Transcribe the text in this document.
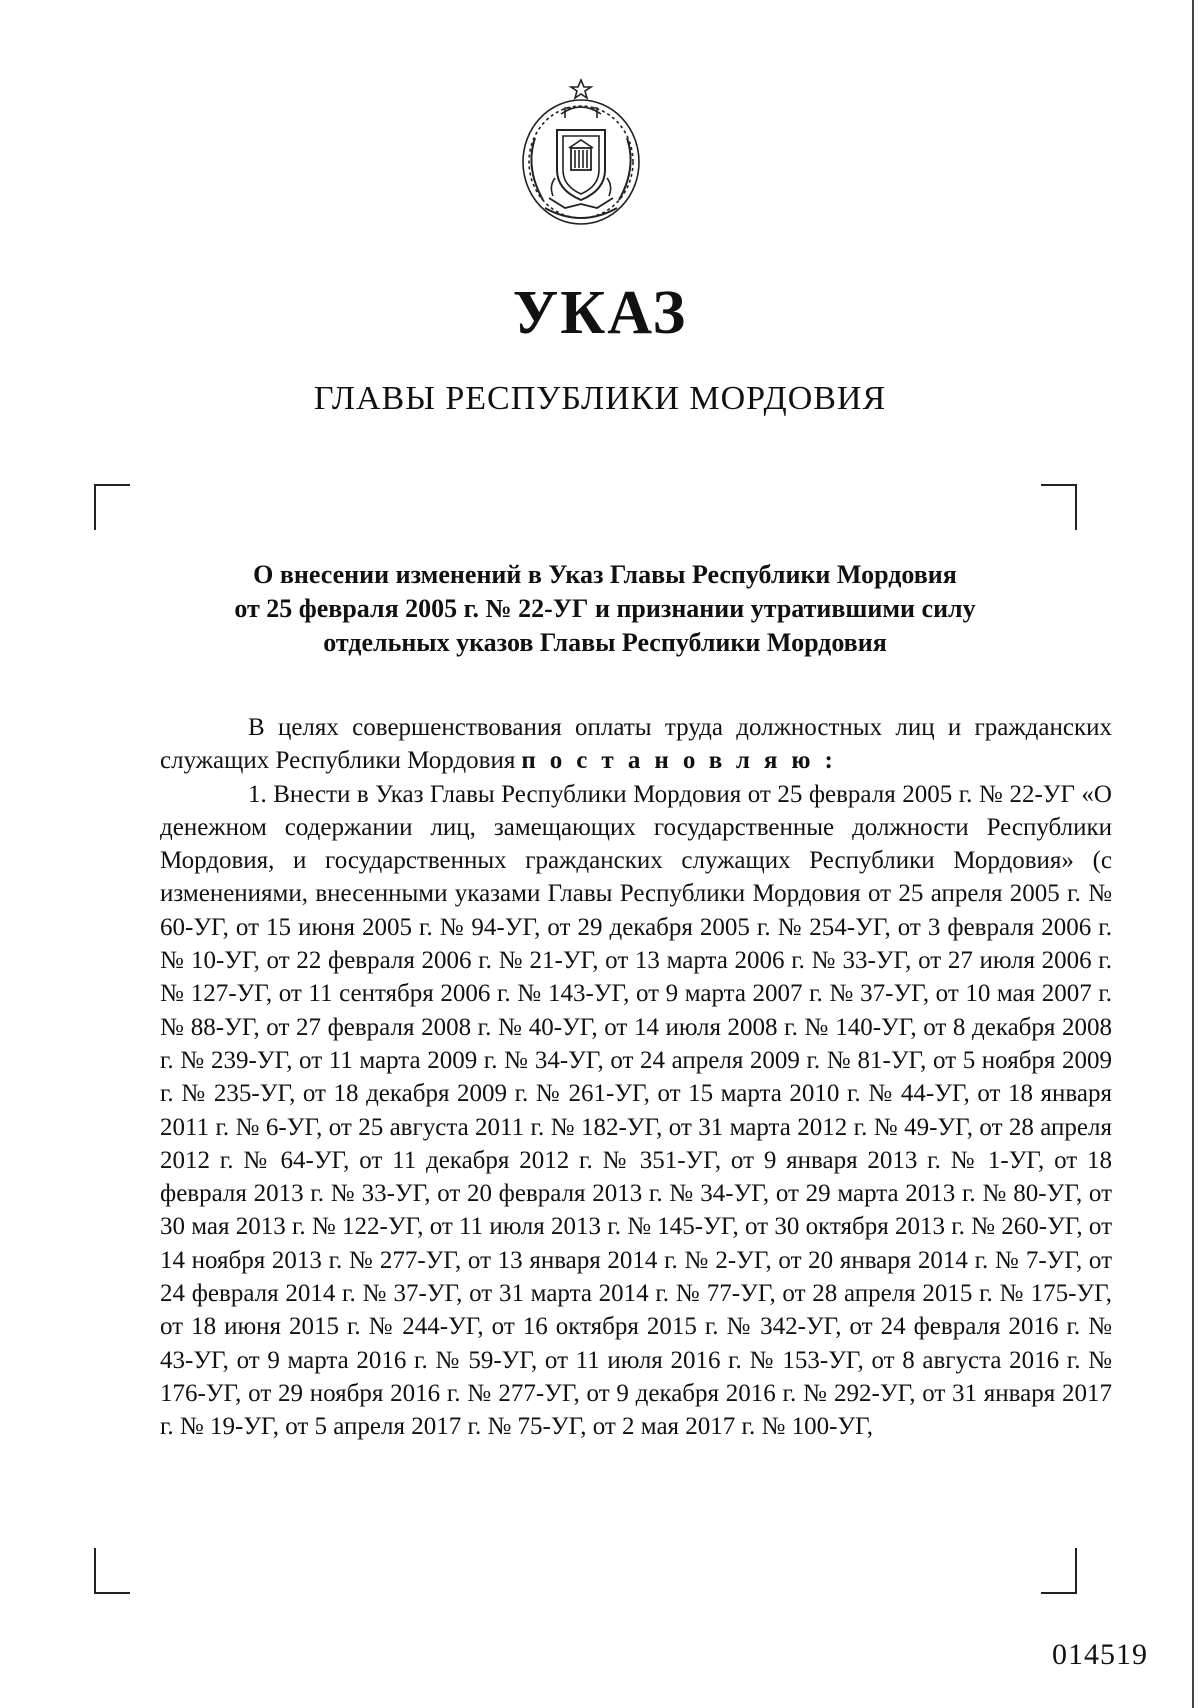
УКАЗ
ГЛАВЫ РЕСПУБЛИКИ МОРДОВИЯ
О внесении изменений в Указ Главы Республики Мордовия
от 25 февраля 2005 г. № 22-УГ и признании утратившими силу
отдельных указов Главы Республики Мордовия

В целях совершенствования оплаты труда должностных лиц и гражданских служащих Республики Мордовия постановляю:

1. Внести в Указ Главы Республики Мордовия от 25 февраля 2005 г. № 22-УГ «О денежном содержании лиц, замещающих государственные должности Республики Мордовия, и государственных гражданских служащих Республики Мордовия» (с изменениями, внесенными указами Главы Республики Мордовия от 25 апреля 2005 г. № 60-УГ, от 15 июня 2005 г. № 94-УГ, от 29 декабря 2005 г. № 254-УГ, от 3 февраля 2006 г. № 10-УГ, от 22 февраля 2006 г. № 21-УГ, от 13 марта 2006 г. № 33-УГ, от 27 июля 2006 г. № 127-УГ, от 11 сентября 2006 г. № 143-УГ, от 9 марта 2007 г. № 37-УГ, от 10 мая 2007 г. № 88-УГ, от 27 февраля 2008 г. № 40-УГ, от 14 июля 2008 г. № 140-УГ, от 8 декабря 2008 г. № 239-УГ, от 11 марта 2009 г. № 34-УГ, от 24 апреля 2009 г. № 81-УГ, от 5 ноября 2009 г. № 235-УГ, от 18 декабря 2009 г. № 261-УГ, от 15 марта 2010 г. № 44-УГ, от 18 января 2011 г. № 6-УГ, от 25 августа 2011 г. № 182-УГ, от 31 марта 2012 г. № 49-УГ, от 28 апреля 2012 г. № 64-УГ, от 11 декабря 2012 г. № 351-УГ, от 9 января 2013 г. № 1-УГ, от 18 февраля 2013 г. № 33-УГ, от 20 февраля 2013 г. № 34-УГ, от 29 марта 2013 г. № 80-УГ, от 30 мая 2013 г. № 122-УГ, от 11 июля 2013 г. № 145-УГ, от 30 октября 2013 г. № 260-УГ, от 14 ноября 2013 г. № 277-УГ, от 13 января 2014 г. № 2-УГ, от 20 января 2014 г. № 7-УГ, от 24 февраля 2014 г. № 37-УГ, от 31 марта 2014 г. № 77-УГ, от 28 апреля 2015 г. № 175-УГ, от 18 июня 2015 г. № 244-УГ, от 16 октября 2015 г. № 342-УГ, от 24 февраля 2016 г. № 43-УГ, от 9 марта 2016 г. № 59-УГ, от 11 июля 2016 г. № 153-УГ, от 8 августа 2016 г. № 176-УГ, от 29 ноября 2016 г. № 277-УГ, от 9 декабря 2016 г. № 292-УГ, от 31 января 2017 г. № 19-УГ, от 5 апреля 2017 г. № 75-УГ, от 2 мая 2017 г. № 100-УГ,

014519
